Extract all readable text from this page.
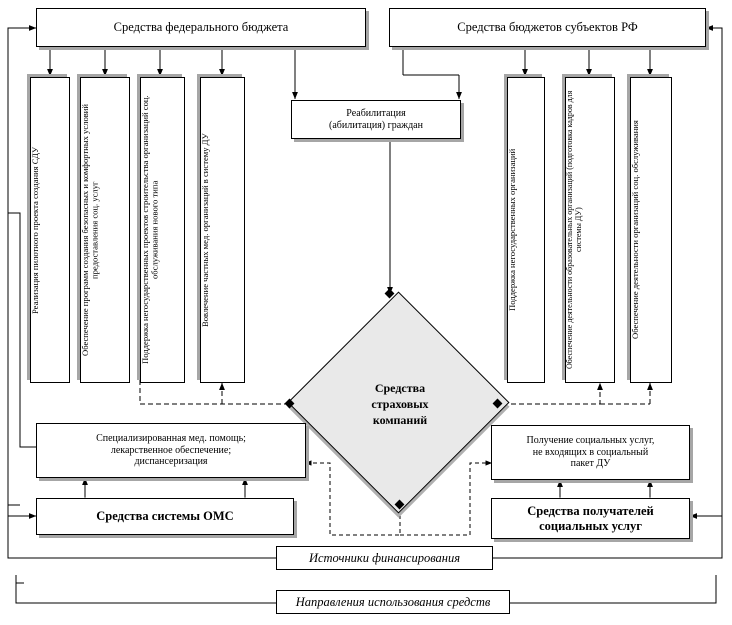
Средства федерального бюджета	Средства бюджетов субъектов РФ
Реабилитация
(абилитация) граждан
Реализация пилотного проекта создания СДУ	Обеспечение программ создания безопасных и комфортных условий предоставления соц. услуг	Поддержка негосударственных проектов строительства организаций соц. обслуживания нового типа	Вовлечение частных мед. организаций в систему ДУ	Поддержка негосударственных организаций	Обеспечение деятельности образовательных организаций (подготовка кадров для системы ДУ)	Обеспечение деятельности организаций соц. обслуживания
Средства
страховых
компаний
Специализированная мед. помощь;
лекарственное обеспечение;
диспансеризация
Получение социальных услуг,
не входящих в социальный
пакет ДУ
Средства системы ОМС	Средства получателей
социальных услуг
Источники финансирования
Направления использования средств
